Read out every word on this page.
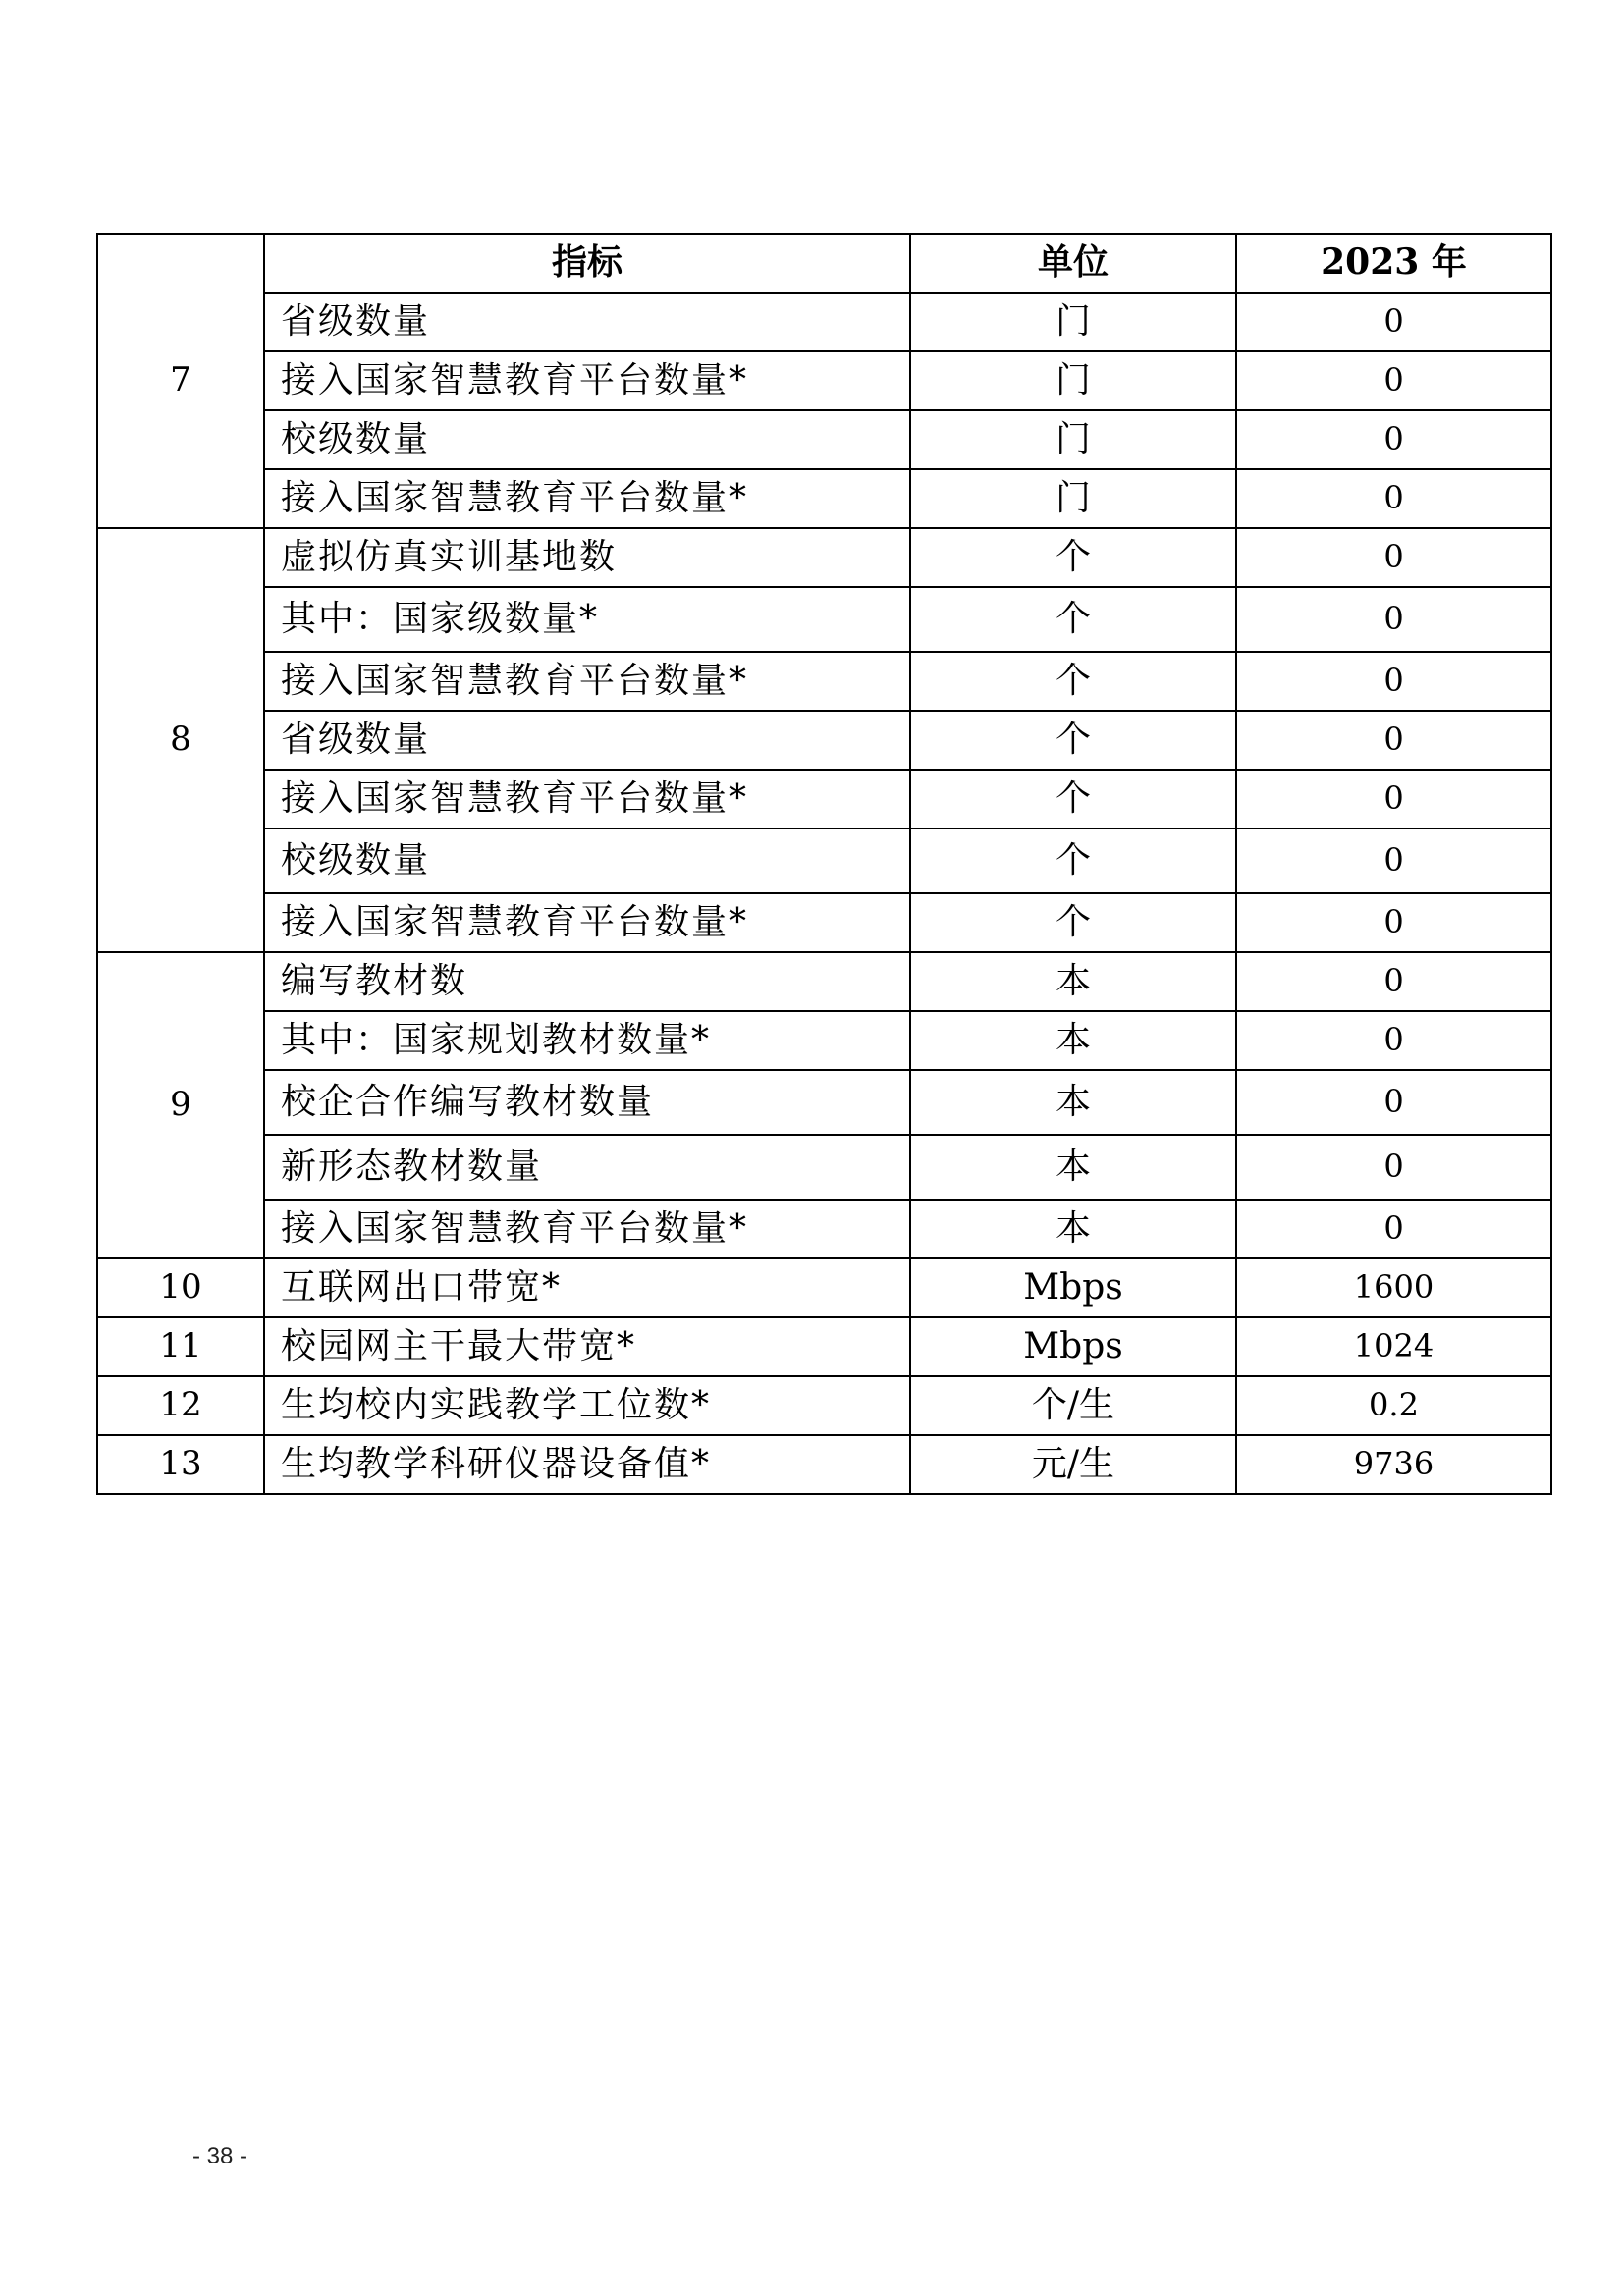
7	指标	单位	2023 年
	省级数量	门	0
	接入国家智慧教育平台数量*	门	0
	校级数量	门	0
	接入国家智慧教育平台数量*	门	0
8	虚拟仿真实训基地数	个	0
	其中：国家级数量*	个	0
	接入国家智慧教育平台数量*	个	0
	省级数量	个	0
	接入国家智慧教育平台数量*	个	0
	校级数量	个	0
	接入国家智慧教育平台数量*	个	0
9	编写教材数	本	0
	其中：国家规划教材数量*	本	0
	校企合作编写教材数量	本	0
	新形态教材数量	本	0
	接入国家智慧教育平台数量*	本	0
10	互联网出口带宽*	Mbps	1600
11	校园网主干最大带宽*	Mbps	1024
12	生均校内实践教学工位数*	个/生	0.2
13	生均教学科研仪器设备值*	元/生	9736
- 38 -
